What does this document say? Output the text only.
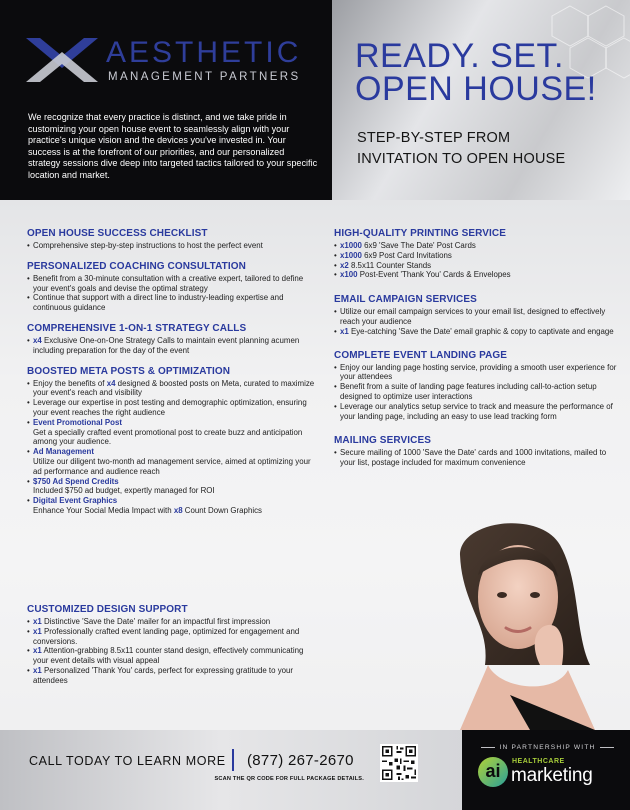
AESTHETIC
MANAGEMENT PARTNERS

We recognize that every practice is distinct, and we take pride in customizing your open house event to seamlessly align with your practice's unique vision and the devices you've invested in. Your success is at the forefront of our priorities, and our personalized strategy sessions dive deep into targeted tactics tailored to your specific location and market.

READY. SET.
OPEN HOUSE!
STEP-BY-STEP FROM
INVITATION TO OPEN HOUSE
OPEN HOUSE SUCCESS CHECKLIST
• Comprehensive step-by-step instructions to host the perfect event
PERSONALIZED COACHING CONSULTATION
• Benefit from a 30-minute consultation with a creative expert, tailored to define your event's goals and devise the optimal strategy
• Continue that support with a direct line to industry-leading expertise and continuous guidance
COMPREHENSIVE 1-ON-1 STRATEGY CALLS
• x4 Exclusive One-on-One Strategy Calls to maintain event planning acumen including preparation for the day of the event
BOOSTED META POSTS & OPTIMIZATION
• Enjoy the benefits of x4 designed & boosted posts on Meta, curated to maximize your event's reach and visibility
• Leverage our expertise in post testing and demographic optimization, ensuring your event reaches the right audience
• Event Promotional Post
Get a specially crafted event promotional post to create buzz and anticipation among your audience.
• Ad Management
Utilize our diligent two-month ad management service, aimed at optimizing your ad performance and audience reach
• $750 Ad Spend Credits
Included $750 ad budget, expertly managed for ROI
• Digital Event Graphics
Enhance Your Social Media Impact with x8 Count Down Graphics
CUSTOMIZED DESIGN SUPPORT
• x1 Distinctive 'Save the Date' mailer for an impactful first impression
• x1 Professionally crafted event landing page, optimized for engagement and conversions.
• x1 Attention-grabbing 8.5x11 counter stand design, effectively communicating your event details with visual appeal
• x1 Personalized 'Thank You' cards, perfect for expressing gratitude to your attendees
HIGH-QUALITY PRINTING SERVICE
• x1000 6x9 'Save The Date' Post Cards
• x1000 6x9 Post Card Invitations
• x2 8.5x11 Counter Stands
• x100 Post-Event 'Thank You' Cards & Envelopes
EMAIL CAMPAIGN SERVICES
• Utilize our email campaign services to your email list, designed to effectively reach your audience
• x1 Eye-catching 'Save the Date' email graphic & copy to captivate and engage
COMPLETE EVENT LANDING PAGE
• Enjoy our landing page hosting service, providing a smooth user experience for your attendees
• Benefit from a suite of landing page features including call-to-action setup designed to optimize user interactions
• Leverage our analytics setup service to track and measure the performance of your landing page, including an easy to use lead tracking form
MAILING SERVICES
• Secure mailing of 1000 'Save the Date' cards and 1000 invitations, mailed to your list, postage included for maximum convenience
CALL TODAY TO LEARN MORE (877) 267-2670
SCAN THE QR CODE FOR FULL PACKAGE DETAILS.
IN PARTNERSHIP WITH
ai	HEALTHCARE
marketing
